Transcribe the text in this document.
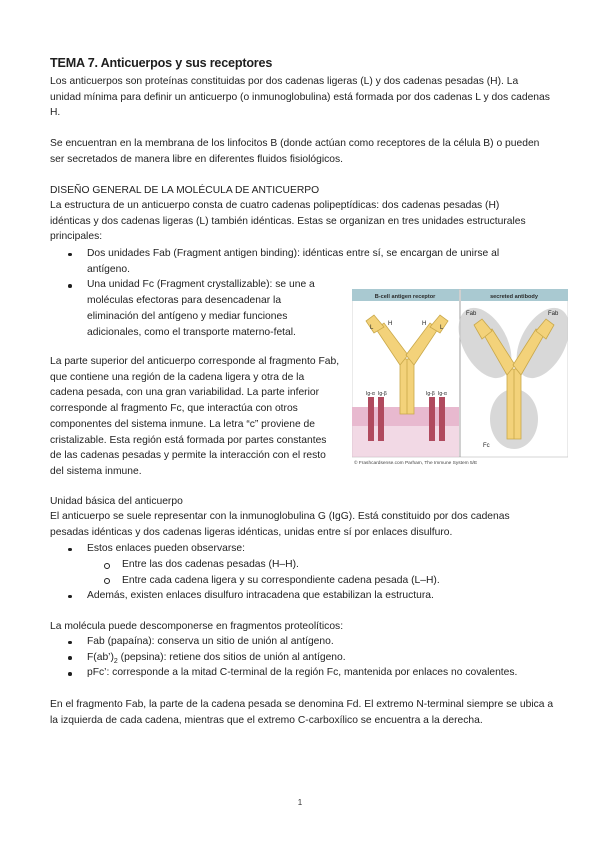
TEMA 7. Anticuerpos y sus receptores

Los anticuerpos son proteínas constituidas por dos cadenas ligeras (L) y dos cadenas pesadas (H). La unidad mínima para definir un anticuerpo (o inmunoglobulina) está formada por dos cadenas L y dos cadenas H.

Se encuentran en la membrana de los linfocitos B (donde actúan como receptores de la célula B) o pueden ser secretados de manera libre en diferentes fluidos fisiológicos.

DISEÑO GENERAL DE LA MOLÉCULA DE ANTICUERPO

La estructura de un anticuerpo consta de cuatro cadenas polipeptídicas: dos cadenas pesadas (H) idénticas y dos cadenas ligeras (L) también idénticas. Estas se organizan en tres unidades estructurales principales:

Dos unidades Fab (Fragment antigen binding): idénticas entre sí, se encargan de unirse al antígeno.
Una unidad Fc (Fragment crystallizable): se une a moléculas efectoras para desencadenar la eliminación del antígeno y mediar funciones adicionales, como el transporte materno-fetal.

La parte superior del anticuerpo corresponde al fragmento Fab, que contiene una región de la cadena ligera y otra de la cadena pesada, con una gran variabilidad. La parte inferior corresponde al fragmento Fc, que interactúa con otros componentes del sistema inmune. La letra “c” proviene de cristalizable. Esta región está formada por partes constantes de las cadenas pesadas y permite la interacción con el resto del sistema inmune.

B-cell antigen receptor	secreted antibody
Ig-α Ig-β	Ig-β Ig-α
L
H	H
L
Fab	Fab
Fc
© Frashcardsense.com Parham, The Immune System 5/E

Unidad básica del anticuerpo

El anticuerpo se suele representar con la inmunoglobulina G (IgG). Está constituido por dos cadenas pesadas idénticas y dos cadenas ligeras idénticas, unidas entre sí por enlaces disulfuro.

Estos enlaces pueden observarse:
Entre las dos cadenas pesadas (H–H).
Entre cada cadena ligera y su correspondiente cadena pesada (L–H).
Además, existen enlaces disulfuro intracadena que estabilizan la estructura.

La molécula puede descomponerse en fragmentos proteolíticos:

Fab (papaína): conserva un sitio de unión al antígeno.
$F(ab’)_2$ (pepsina): retiene dos sitios de unión al antígeno.
pFc’: corresponde a la mitad C-terminal de la región Fc, mantenida por enlaces no covalentes.

En el fragmento Fab, la parte de la cadena pesada se denomina Fd. El extremo N-terminal siempre se ubica a la izquierda de cada cadena, mientras que el extremo C-carboxílico se encuentra a la derecha.

1
